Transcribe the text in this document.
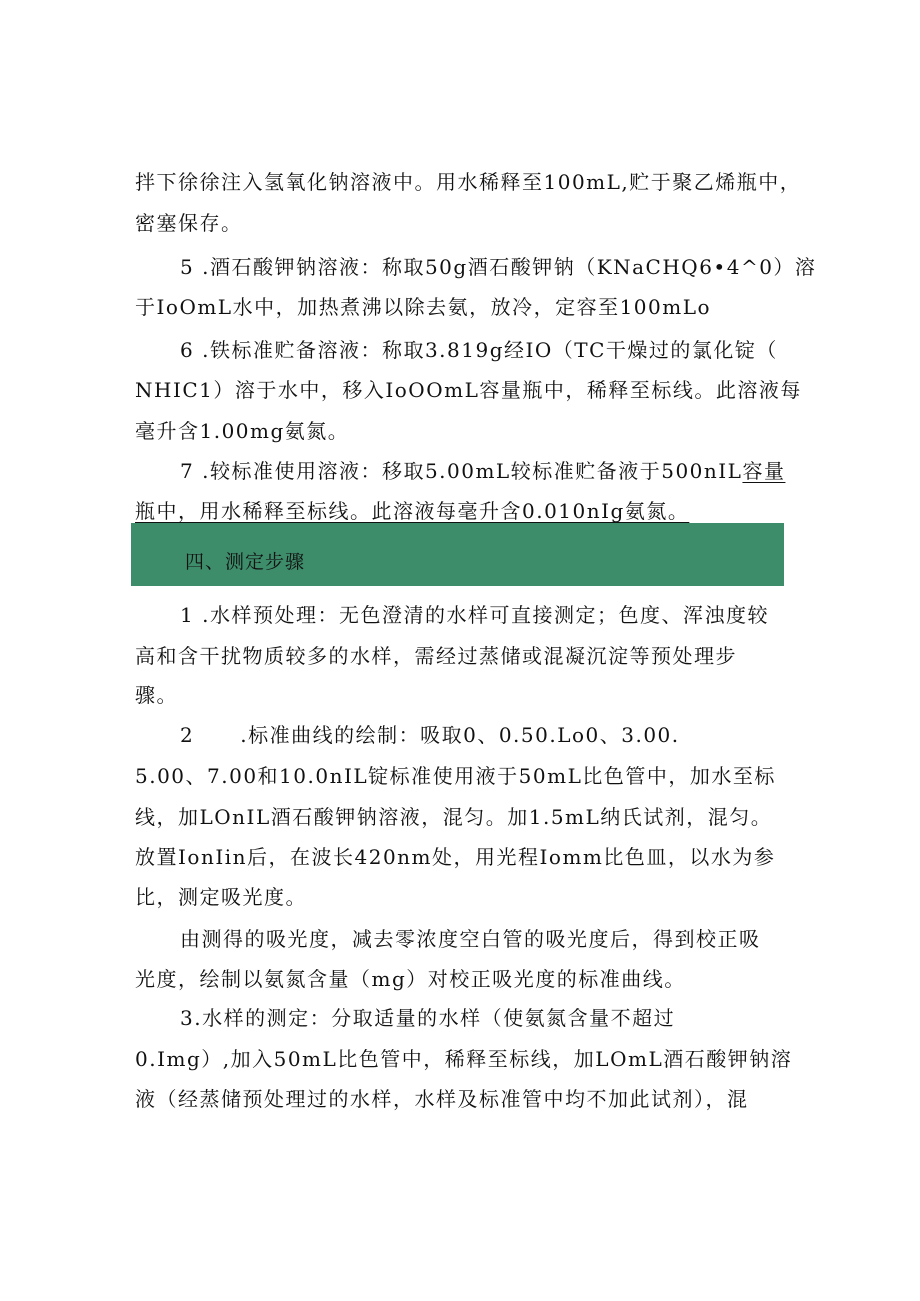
拌下徐徐注入氢氧化钠溶液中。用水稀释至100mL,贮于聚乙烯瓶中，
密塞保存。
5 .酒石酸钾钠溶液：称取50g酒石酸钾钠（KNaCHQ6•4^0）溶
于IoOmL水中，加热煮沸以除去氨，放冷，定容至100mLo
6 .铁标准贮备溶液：称取3.819g经IO（TC干燥过的氯化锭（
NHIC1）溶于水中，移入IoOOmL容量瓶中，稀释至标线。此溶液每
毫升含1.00mg氨氮。
7 .较标准使用溶液：移取5.00mL较标准贮备液于500nIL容量
瓶中，用水稀释至标线。此溶液每毫升含0.010nIg氨氮。
四、测定步骤
1 .水样预处理：无色澄清的水样可直接测定；色度、浑浊度较
高和含干扰物质较多的水样，需经过蒸储或混凝沉淀等预处理步
骤。
2 .标准曲线的绘制：吸取0、0.50.Lo0、3.00.
5.00、7.00和10.0nIL锭标准使用液于50mL比色管中，加水至标
线，加LOnIL酒石酸钾钠溶液，混匀。加1.5mL纳氏试剂，混匀。
放置IonIin后，在波长420nm处，用光程Iomm比色皿，以水为参
比，测定吸光度。
由测得的吸光度，减去零浓度空白管的吸光度后，得到校正吸
光度，绘制以氨氮含量（mg）对校正吸光度的标准曲线。
3.水样的测定：分取适量的水样（使氨氮含量不超过
0.Img）,加入50mL比色管中，稀释至标线，加LOmL酒石酸钾钠溶
液（经蒸储预处理过的水样，水样及标准管中均不加此试剂），混
